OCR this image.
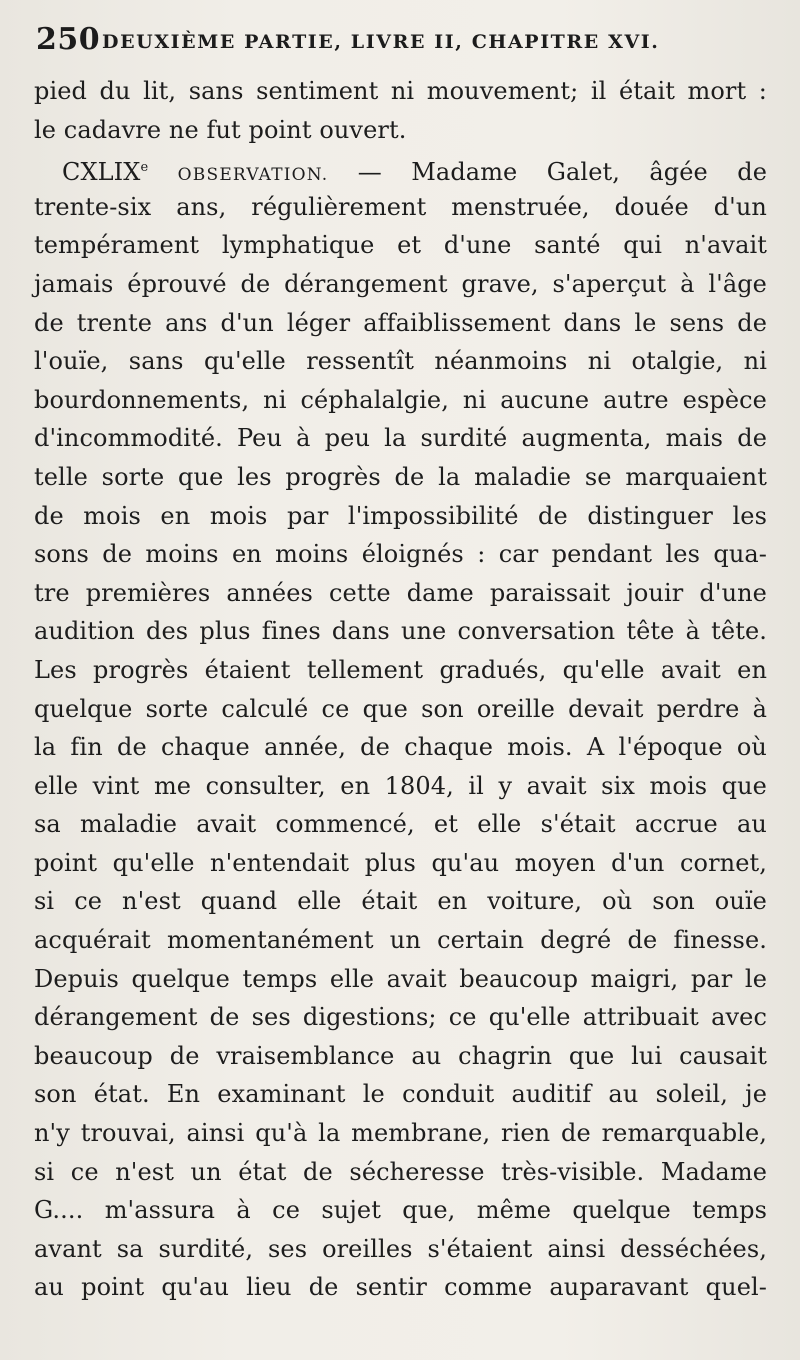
250 DEUXIÈME PARTIE, LIVRE II, CHAPITRE XVI.
pied du lit, sans sentiment ni mouvement; il était mort :
le cadavre ne fut point ouvert.
CXLIXe OBSERVATION. — Madame Galet, âgée de
trente-six ans, régulièrement menstruée, douée d'un
tempérament lymphatique et d'une santé qui n'avait
jamais éprouvé de dérangement grave, s'aperçut à l'âge
de trente ans d'un léger affaiblissement dans le sens de
l'ouïe, sans qu'elle ressentît néanmoins ni otalgie, ni
bourdonnements, ni céphalalgie, ni aucune autre espèce
d'incommodité. Peu à peu la surdité augmenta, mais de
telle sorte que les progrès de la maladie se marquaient
de mois en mois par l'impossibilité de distinguer les
sons de moins en moins éloignés : car pendant les qua-
tre premières années cette dame paraissait jouir d'une
audition des plus fines dans une conversation tête à tête.
Les progrès étaient tellement gradués, qu'elle avait en
quelque sorte calculé ce que son oreille devait perdre à
la fin de chaque année, de chaque mois. A l'époque où
elle vint me consulter, en 1804, il y avait six mois que
sa maladie avait commencé, et elle s'était accrue au
point qu'elle n'entendait plus qu'au moyen d'un cornet,
si ce n'est quand elle était en voiture, où son ouïe
acquérait momentanément un certain degré de finesse.
Depuis quelque temps elle avait beaucoup maigri, par le
dérangement de ses digestions; ce qu'elle attribuait avec
beaucoup de vraisemblance au chagrin que lui causait
son état. En examinant le conduit auditif au soleil, je
n'y trouvai, ainsi qu'à la membrane, rien de remarquable,
si ce n'est un état de sécheresse très-visible. Madame
G.... m'assura à ce sujet que, même quelque temps
avant sa surdité, ses oreilles s'étaient ainsi desséchées,
au point qu'au lieu de sentir comme auparavant quel-
